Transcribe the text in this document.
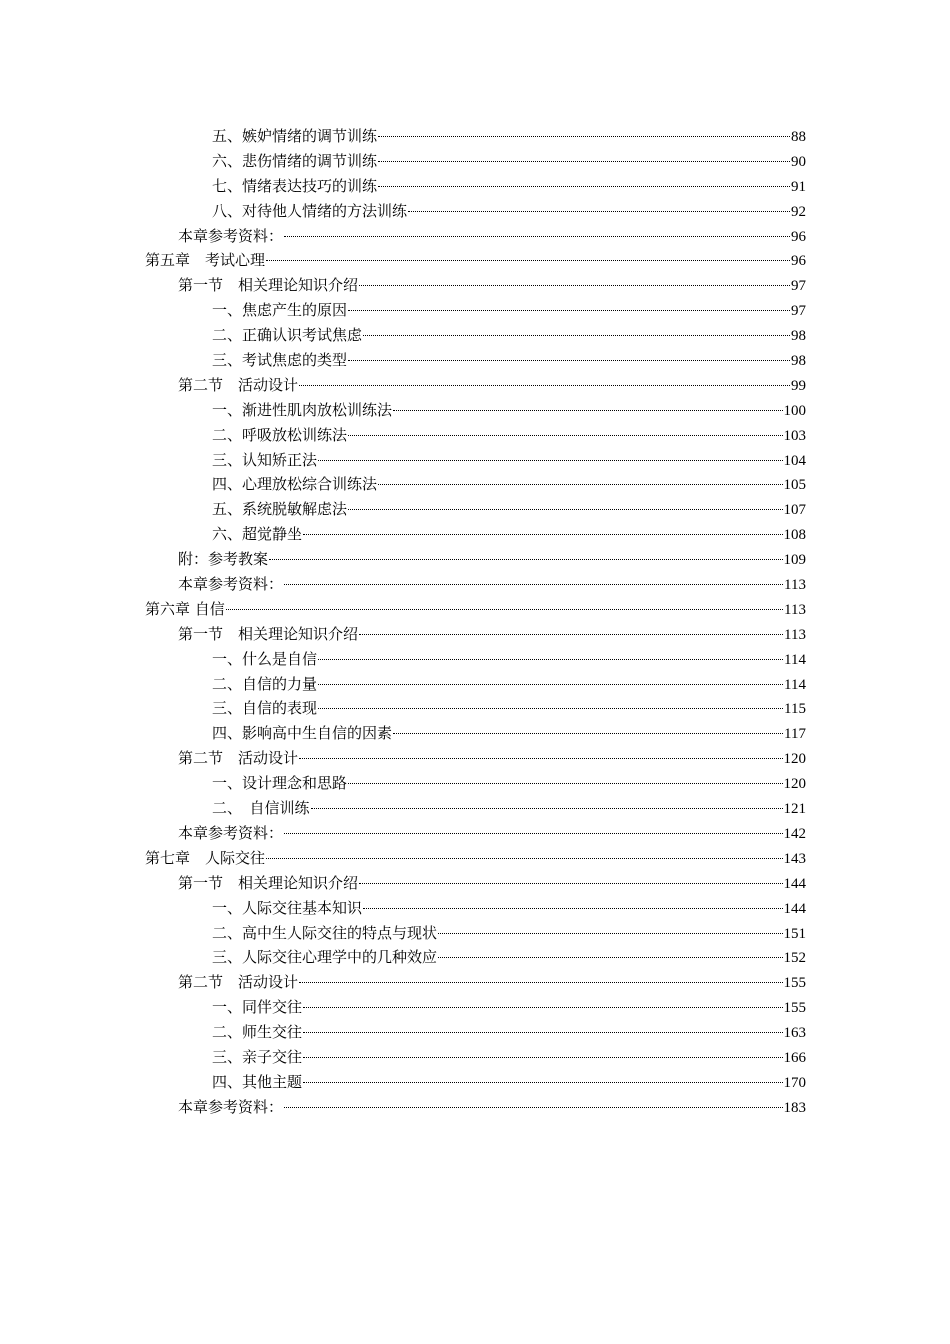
五、嫉妒情绪的调节训练	88
六、悲伤情绪的调节训练	90
七、情绪表达技巧的训练	91
八、对待他人情绪的方法训练	92
本章参考资料：	96
第五章　考试心理	96
第一节　相关理论知识介绍	97
一、焦虑产生的原因	97
二、正确认识考试焦虑	98
三、考试焦虑的类型	98
第二节　活动设计	99
一、渐进性肌肉放松训练法	100
二、呼吸放松训练法	103
三、认知矫正法	104
四、心理放松综合训练法	105
五、系统脱敏解虑法	107
六、超觉静坐	108
附：参考教案	109
本章参考资料：	113
第六章 自信	113
第一节　相关理论知识介绍	113
一、什么是自信	114
二、自信的力量	114
三、自信的表现	115
四、影响高中生自信的因素	117
第二节　活动设计	120
一、设计理念和思路	120
二、　自信训练	121
本章参考资料：	142
第七章　人际交往	143
第一节　相关理论知识介绍	144
一、人际交往基本知识	144
二、高中生人际交往的特点与现状	151
三、人际交往心理学中的几种效应	152
第二节　活动设计	155
一、同伴交往	155
二、师生交往	163
三、亲子交往	166
四、其他主题	170
本章参考资料：	183
